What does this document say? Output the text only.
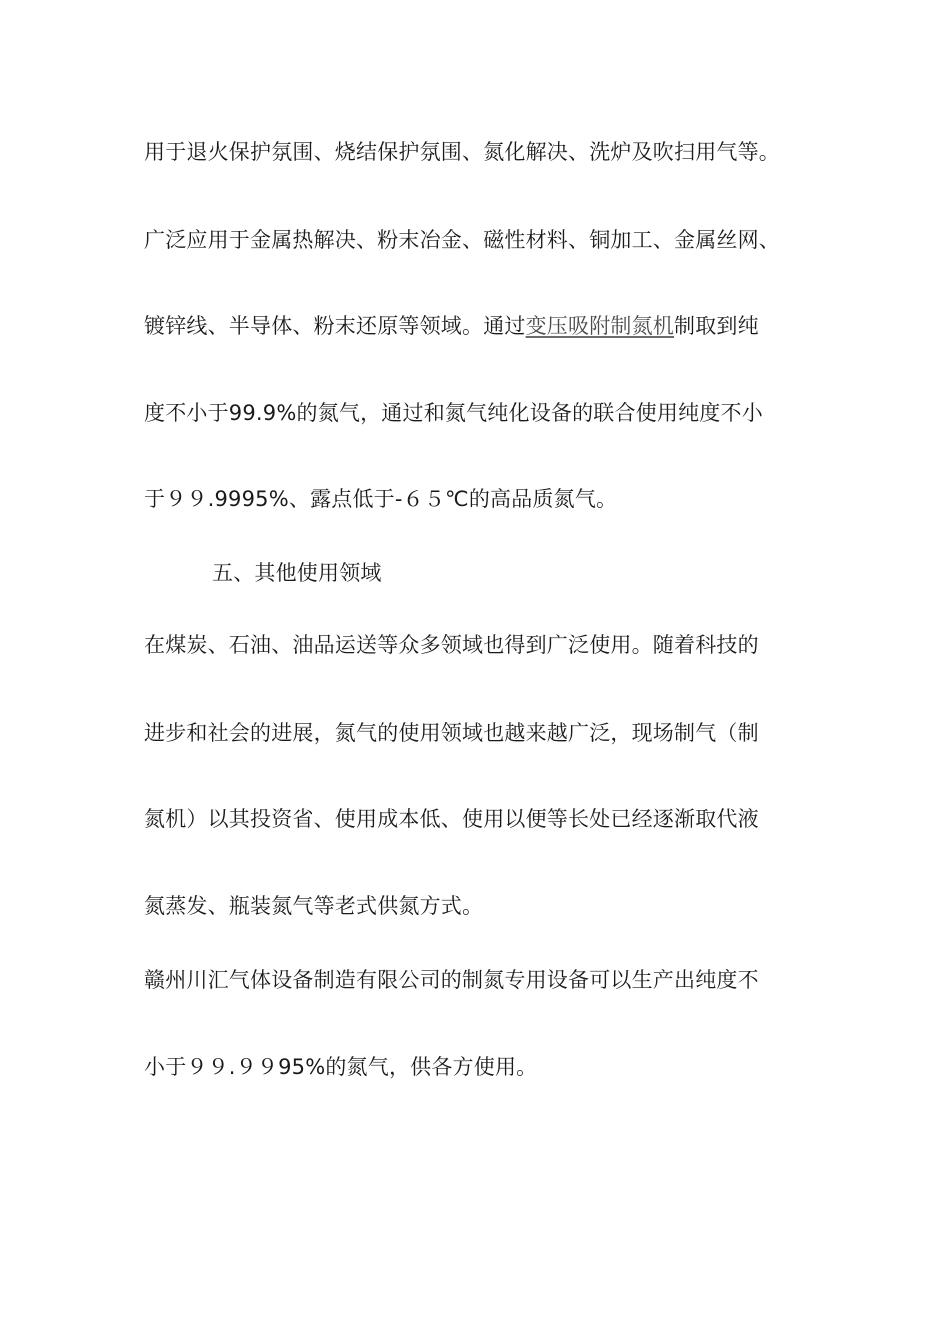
用于退火保护氛围、烧结保护氛围、氮化解决、洗炉及吹扫用气等。
广泛应用于金属热解决、粉末冶金、磁性材料、铜加工、金属丝网、
镀锌线、半导体、粉末还原等领域。通过变压吸附制氮机制取到纯
度不小于99.9%的氮气，通过和氮气纯化设备的联合使用纯度不小
于９９.9995%、露点低于-６５℃的高品质氮气。
五、其他使用领域
在煤炭、石油、油品运送等众多领域也得到广泛使用。随着科技的
进步和社会的进展，氮气的使用领域也越来越广泛，现场制气（制
氮机）以其投资省、使用成本低、使用以便等长处已经逐渐取代液
氮蒸发、瓶装氮气等老式供氮方式。
赣州川汇气体设备制造有限公司的制氮专用设备可以生产出纯度不
小于９９.９９95%的氮气，供各方使用。
